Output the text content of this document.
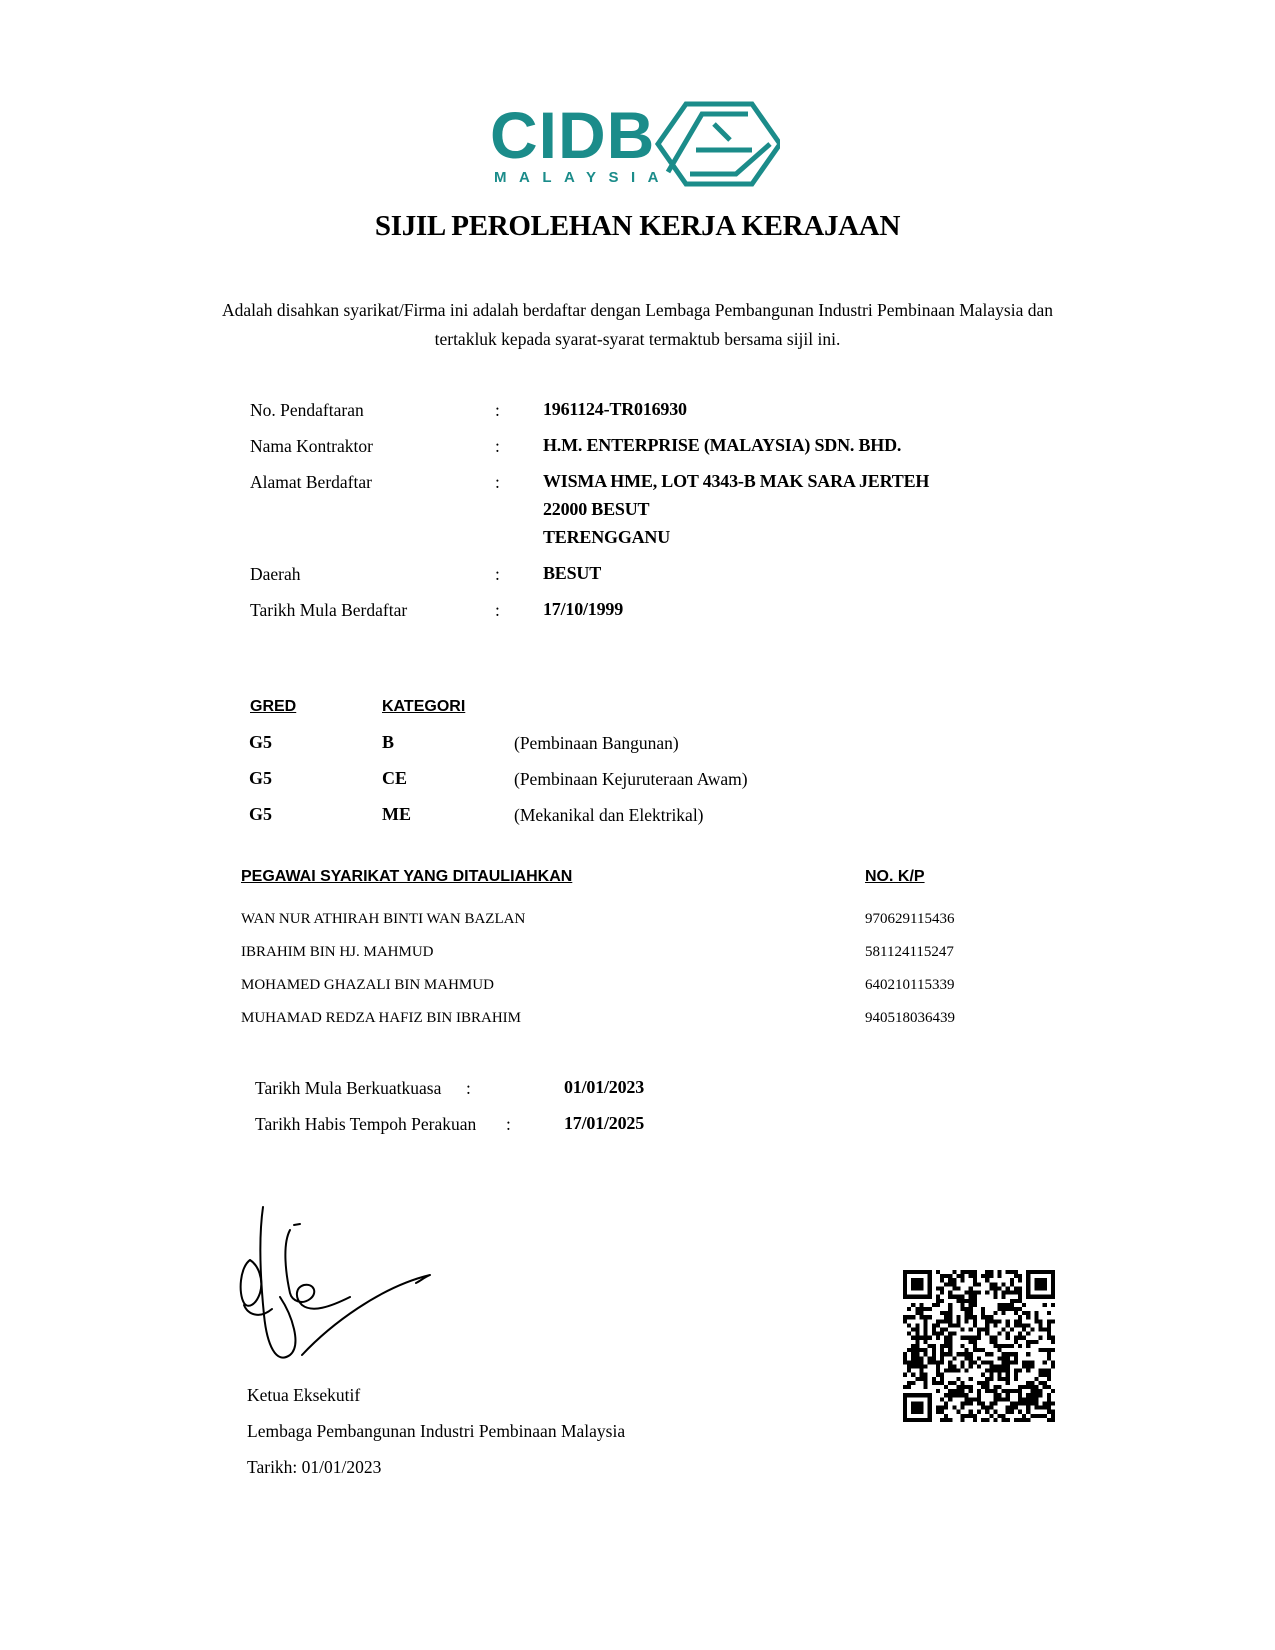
CIDB
MALAYSIA
SIJIL PEROLEHAN KERJA KERAJAAN
Adalah disahkan syarikat/Firma ini adalah berdaftar dengan Lembaga Pembangunan Industri Pembinaan Malaysia dan tertakluk kepada syarat-syarat termaktub bersama sijil ini.
No. Pendaftaran	: 1961124-TR016930
Nama Kontraktor	: H.M. ENTERPRISE (MALAYSIA) SDN. BHD.
Alamat Berdaftar	: WISMA HME, LOT 4343-B MAK SARA JERTEH
22000 BESUT
TERENGGANU
Daerah	: BESUT
Tarikh Mula Berdaftar	: 17/10/1999
GRED	KATEGORI
G5	B	(Pembinaan Bangunan)
G5	CE	(Pembinaan Kejuruteraan Awam)
G5	ME	(Mekanikal dan Elektrikal)
PEGAWAI SYARIKAT YANG DITAULIAHKAN	NO. K/P
WAN NUR ATHIRAH BINTI WAN BAZLAN	970629115436
IBRAHIM BIN HJ. MAHMUD	581124115247
MOHAMED GHAZALI BIN MAHMUD	640210115339
MUHAMAD REDZA HAFIZ BIN IBRAHIM	940518036439
Tarikh Mula Berkuatkuasa :	01/01/2023
Tarikh Habis Tempoh Perakuan :	17/01/2025
Ketua Eksekutif
Lembaga Pembangunan Industri Pembinaan Malaysia
Tarikh: 01/01/2023
